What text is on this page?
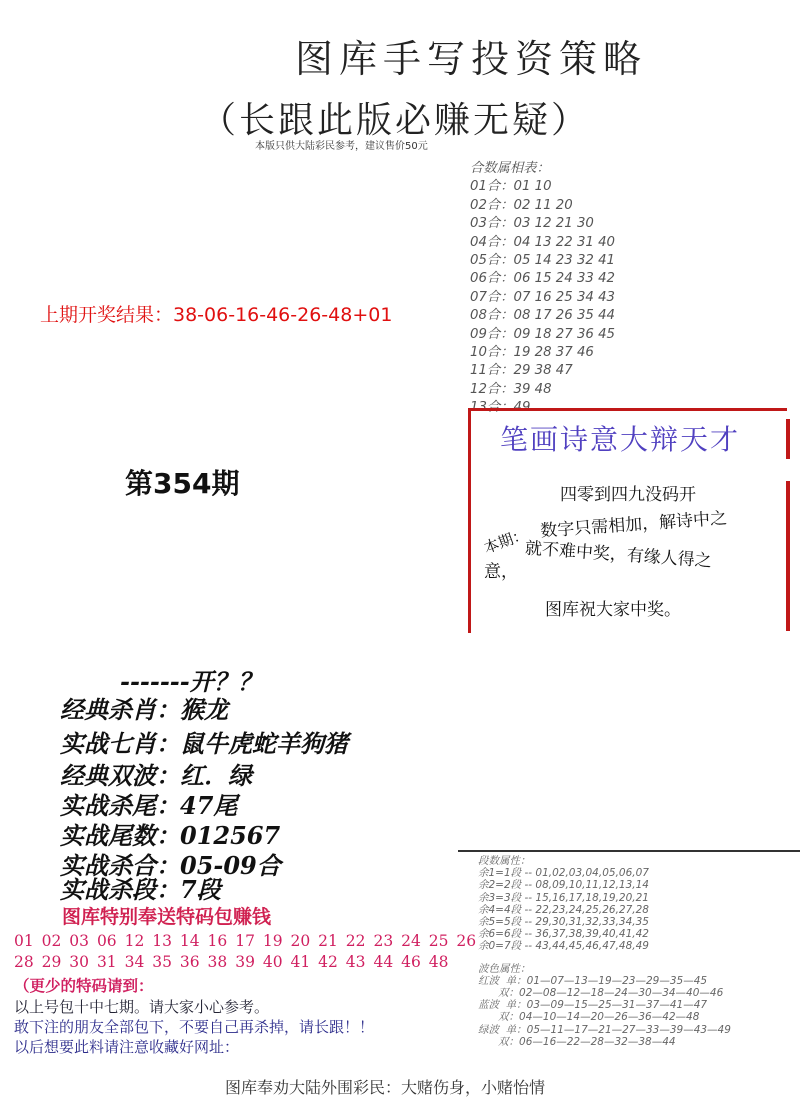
图库手写投资策略
（长跟此版必赚无疑）
本版只供大陆彩民参考，建议售价50元
合数属相表：
01合：01 10
02合：02 11 20
03合：03 12 21 30
04合：04 13 22 31 40
05合：05 14 23 32 41
06合：06 15 24 33 42
07合：07 16 25 34 43
08合：08 17 26 35 44
09合：09 18 27 36 45
10合：19 28 37 46
11合：29 38 47
12合：39 48
13合：49
上期开奖结果：38-06-16-46-26-48+01
第354期
笔画诗意大辩天才
四零到四九没码开
本期： 数字只需相加，解诗中之
就不难中奖，有缘人得之
意，
图库祝大家中奖。
-------开？？
经典杀肖：猴龙
实战七肖：鼠牛虎蛇羊狗猪
经典双波：红．绿
实战杀尾：47尾
实战尾数：012567
实战杀合：05-09合
实战杀段：7段
图库特别奉送特码包赚钱
01 02 03 06 12 13 14 16 17 19 20 21 22 23 24 25 26
28 29 30 31 34 35 36 38 39 40 41 42 43 44 46 48
（更少的特码请到：
以上号包十中七期。请大家小心参考。
敢下注的朋友全部包下，不要自己再杀掉，请长跟！！
以后想要此料请注意收藏好网址：
段数属性：
余1=1段 -- 01,02,03,04,05,06,07
余2=2段 -- 08,09,10,11,12,13,14
余3=3段 -- 15,16,17,18,19,20,21
余4=4段 -- 22,23,24,25,26,27,28
余5=5段 -- 29,30,31,32,33,34,35
余6=6段 -- 36,37,38,39,40,41,42
余0=7段 -- 43,44,45,46,47,48,49
波色属性：
红波  单：01—07—13—19—23—29—35—45
双：02—08—12—18—24—30—34—40—46
蓝波  单：03—09—15—25—31—37—41—47
双：04—10—14—20—26—36—42—48
绿波  单：05—11—17—21—27—33—39—43—49
双：06—16—22—28—32—38—44
图库奉劝大陆外围彩民：大赌伤身，小赌怡情
